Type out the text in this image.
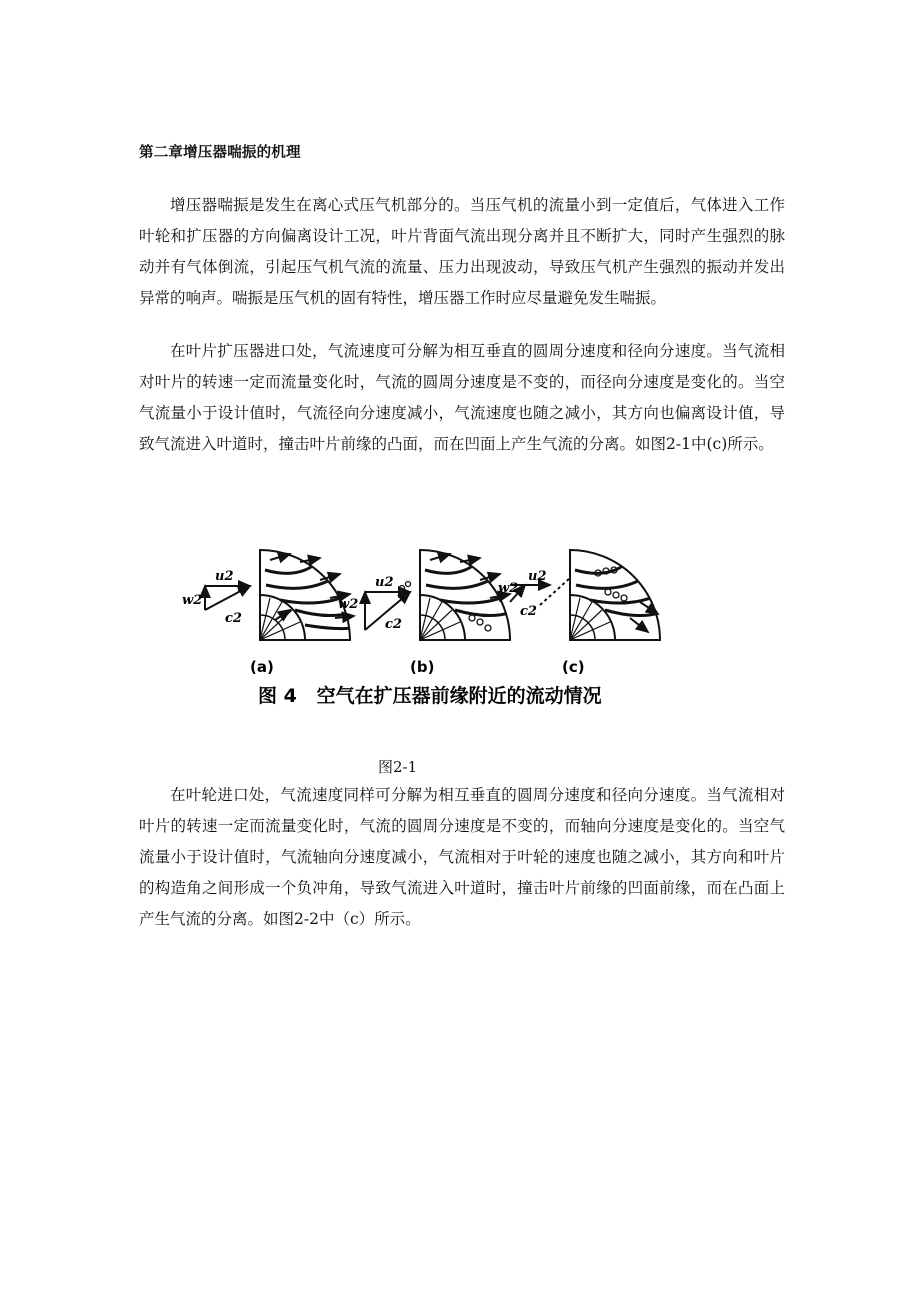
第二章增压器喘振的机理

增压器喘振是发生在离心式压气机部分的。当压气机的流量小到一定值后，气体进入工作叶轮和扩压器的方向偏离设计工况，叶片背面气流出现分离并且不断扩大，同时产生强烈的脉动并有气体倒流，引起压气机气流的流量、压力出现波动，导致压气机产生强烈的振动并发出异常的响声。喘振是压气机的固有特性，增压器工作时应尽量避免发生喘振。

在叶片扩压器进口处，气流速度可分解为相互垂直的圆周分速度和径向分速度。当气流相对叶片的转速一定而流量变化时，气流的圆周分速度是不变的，而径向分速度是变化的。当空气流量小于设计值时，气流径向分速度减小，气流速度也随之减小，其方向也偏离设计值，导致气流进入叶道时，撞击叶片前缘的凸面，而在凹面上产生气流的分离。如图2-1中(c)所示。

w2
u2
c2
(a)
w2
u2
c2
(b)
u2
w2
c2
(c)
图 4   空气在扩压器前缘附近的流动情况
图2-1

在叶轮进口处，气流速度同样可分解为相互垂直的圆周分速度和径向分速度。当气流相对叶片的转速一定而流量变化时，气流的圆周分速度是不变的，而轴向分速度是变化的。当空气流量小于设计值时，气流轴向分速度减小，气流相对于叶轮的速度也随之减小，其方向和叶片的构造角之间形成一个负冲角，导致气流进入叶道时，撞击叶片前缘的凹面前缘，而在凸面上产生气流的分离。如图2-2中（c）所示。
